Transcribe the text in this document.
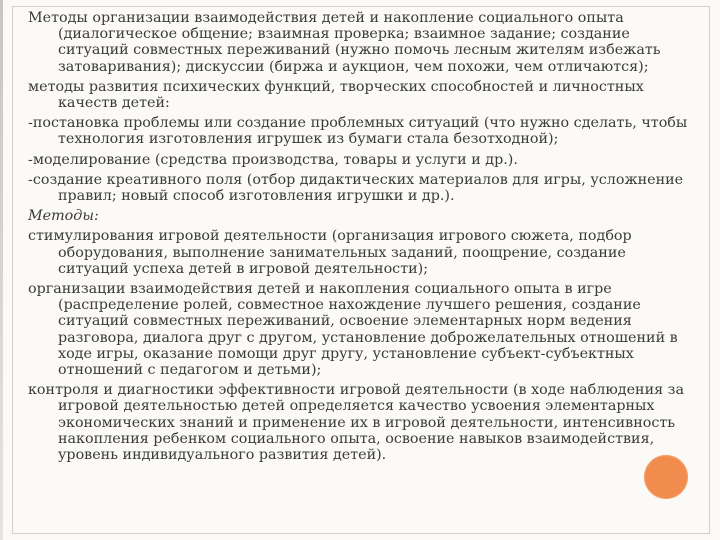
Методы организации взаимодействия детей и накопление социального опыта (диалогическое общение; взаимная проверка; взаимное задание; создание ситуаций совместных переживаний (нужно помочь лесным жителям избежать затоваривания); дискуссии (биржа и аукцион, чем похожи, чем отличаются);

методы развития психических функций, творческих способностей и личностных качеств детей:

-постановка проблемы или создание проблемных ситуаций (что нужно сделать, чтобы технология изготовления игрушек из бумаги стала безотходной);

-моделирование (средства производства, товары и услуги и др.).

-создание креативного поля (отбор дидактических материалов для игры, усложнение правил; новый способ изготовления игрушки и др.).

Методы:

стимулирования игровой деятельности (организация игрового сюжета, подбор оборудования, выполнение занимательных заданий, поощрение, создание ситуаций успеха детей в игровой деятельности);

организации взаимодействия детей и накопления социального опыта в игре (распределение ролей, совместное нахождение лучшего решения, создание ситуаций совместных переживаний, освоение элементарных норм ведения разговора, диалога друг с другом, установление доброжелательных отношений в ходе игры, оказание помощи друг другу, установление субъект-субъектных отношений с педагогом и детьми);

контроля и диагностики эффективности игровой деятельности (в ходе наблюдения за игровой деятельностью детей определяется качество усвоения элементарных экономических знаний и применение их в игровой деятельности, интенсивность накопления ребенком социального опыта, освоение навыков взаимодействия, уровень индивидуального развития детей).
